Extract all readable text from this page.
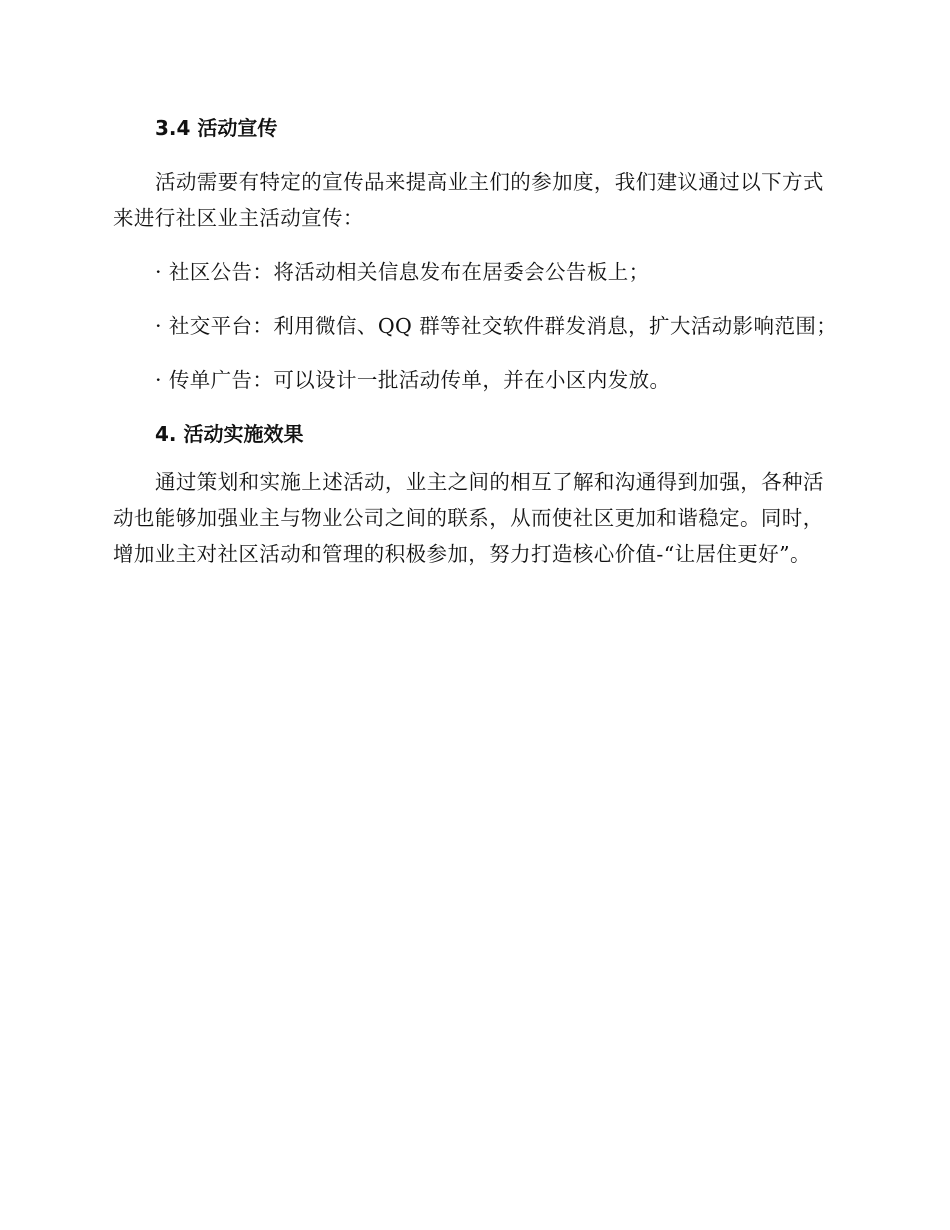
3.4 活动宣传

活动需要有特定的宣传品来提高业主们的参加度，我们建议通过以下方式来进行社区业主活动宣传：

· 社区公告：将活动相关信息发布在居委会公告板上；

· 社交平台：利用微信、QQ 群等社交软件群发消息，扩大活动影响范围；

· 传单广告：可以设计一批活动传单，并在小区内发放。

4. 活动实施效果

通过策划和实施上述活动，业主之间的相互了解和沟通得到加强，各种活动也能够加强业主与物业公司之间的联系，从而使社区更加和谐稳定。同时，增加业主对社区活动和管理的积极参加，努力打造核心价值-“让居住更好”。
